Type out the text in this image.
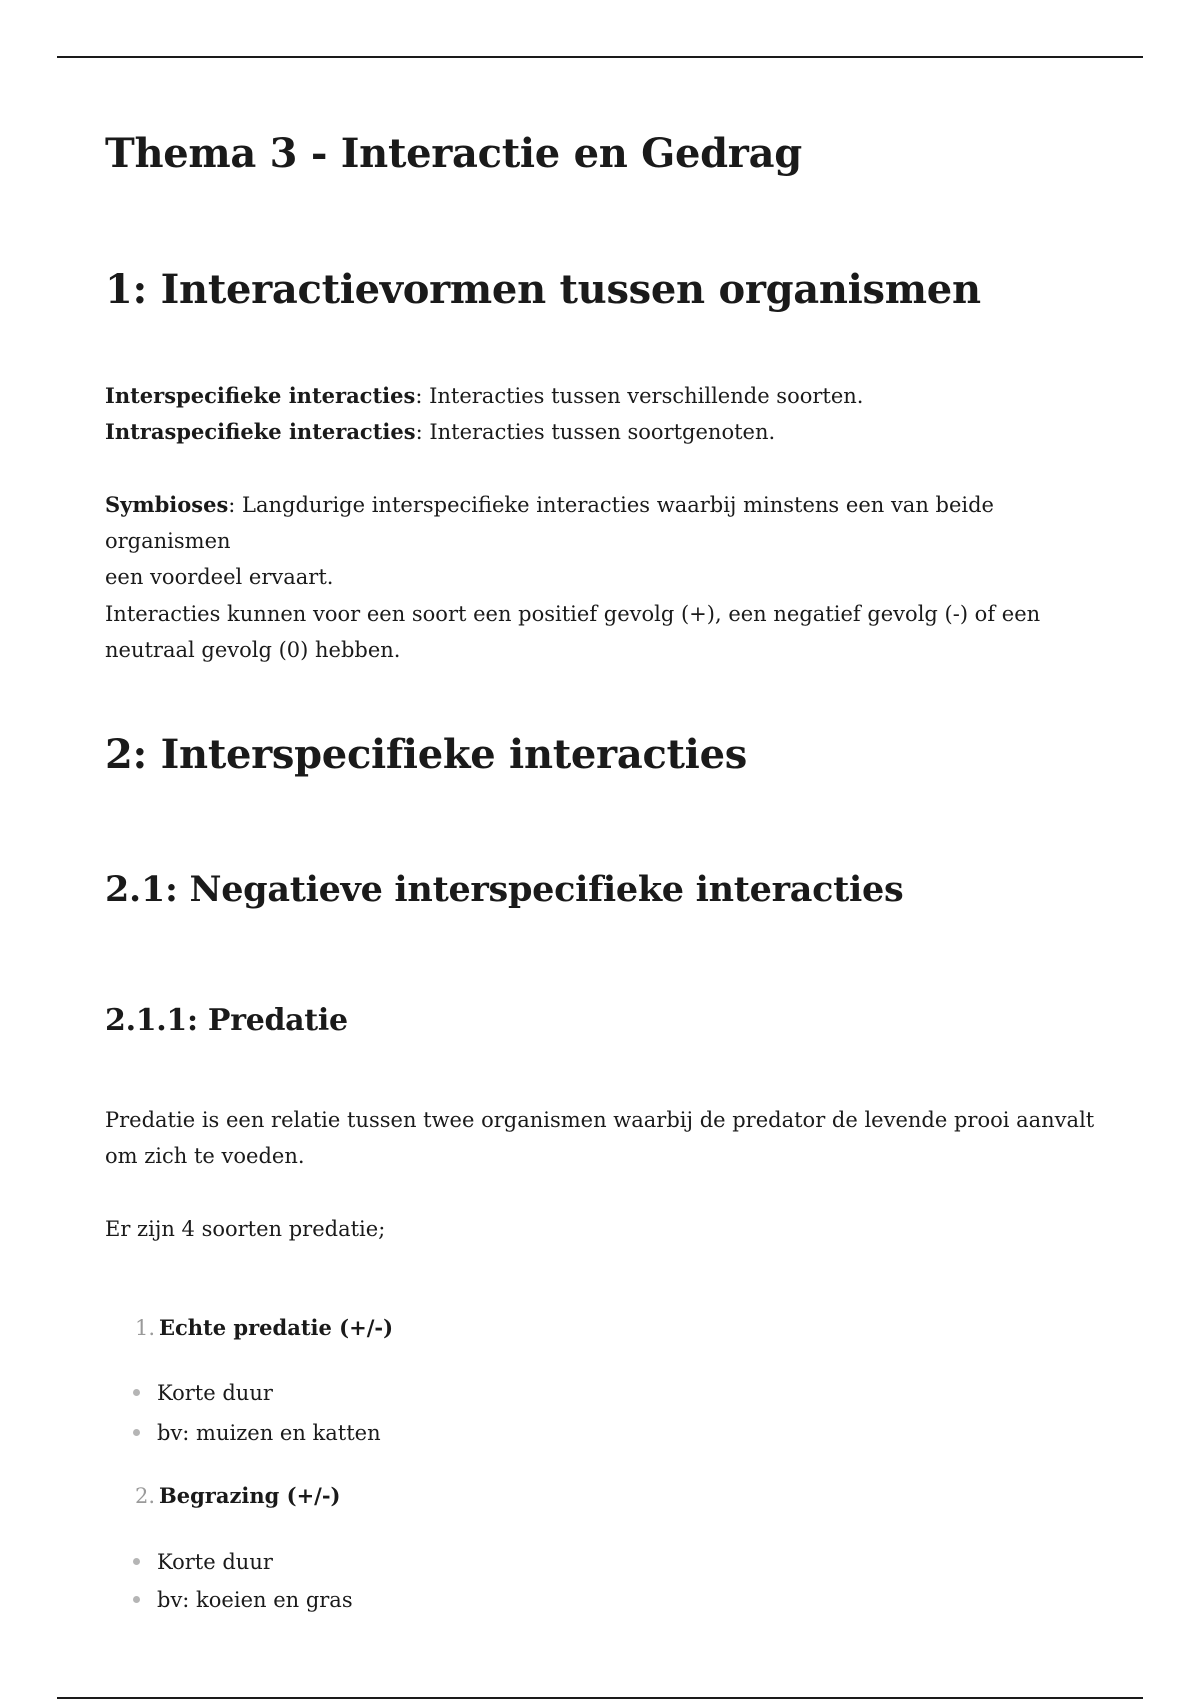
Thema 3 - Interactie en Gedrag
1: Interactievormen tussen organismen
Interspecifieke interacties: Interacties tussen verschillende soorten.
Intraspecifieke interacties: Interacties tussen soortgenoten.
Symbioses: Langdurige interspecifieke interacties waarbij minstens een van beide organismen
een voordeel ervaart.
Interacties kunnen voor een soort een positief gevolg (+), een negatief gevolg (-) of een
neutraal gevolg (0) hebben.
2: Interspecifieke interacties
2.1: Negatieve interspecifieke interacties
2.1.1: Predatie
Predatie is een relatie tussen twee organismen waarbij de predator de levende prooi aanvalt
om zich te voeden.
Er zijn 4 soorten predatie;
1. Echte predatie (+/-)
Korte duur
bv: muizen en katten
2. Begrazing (+/-)
Korte duur
bv: koeien en gras
